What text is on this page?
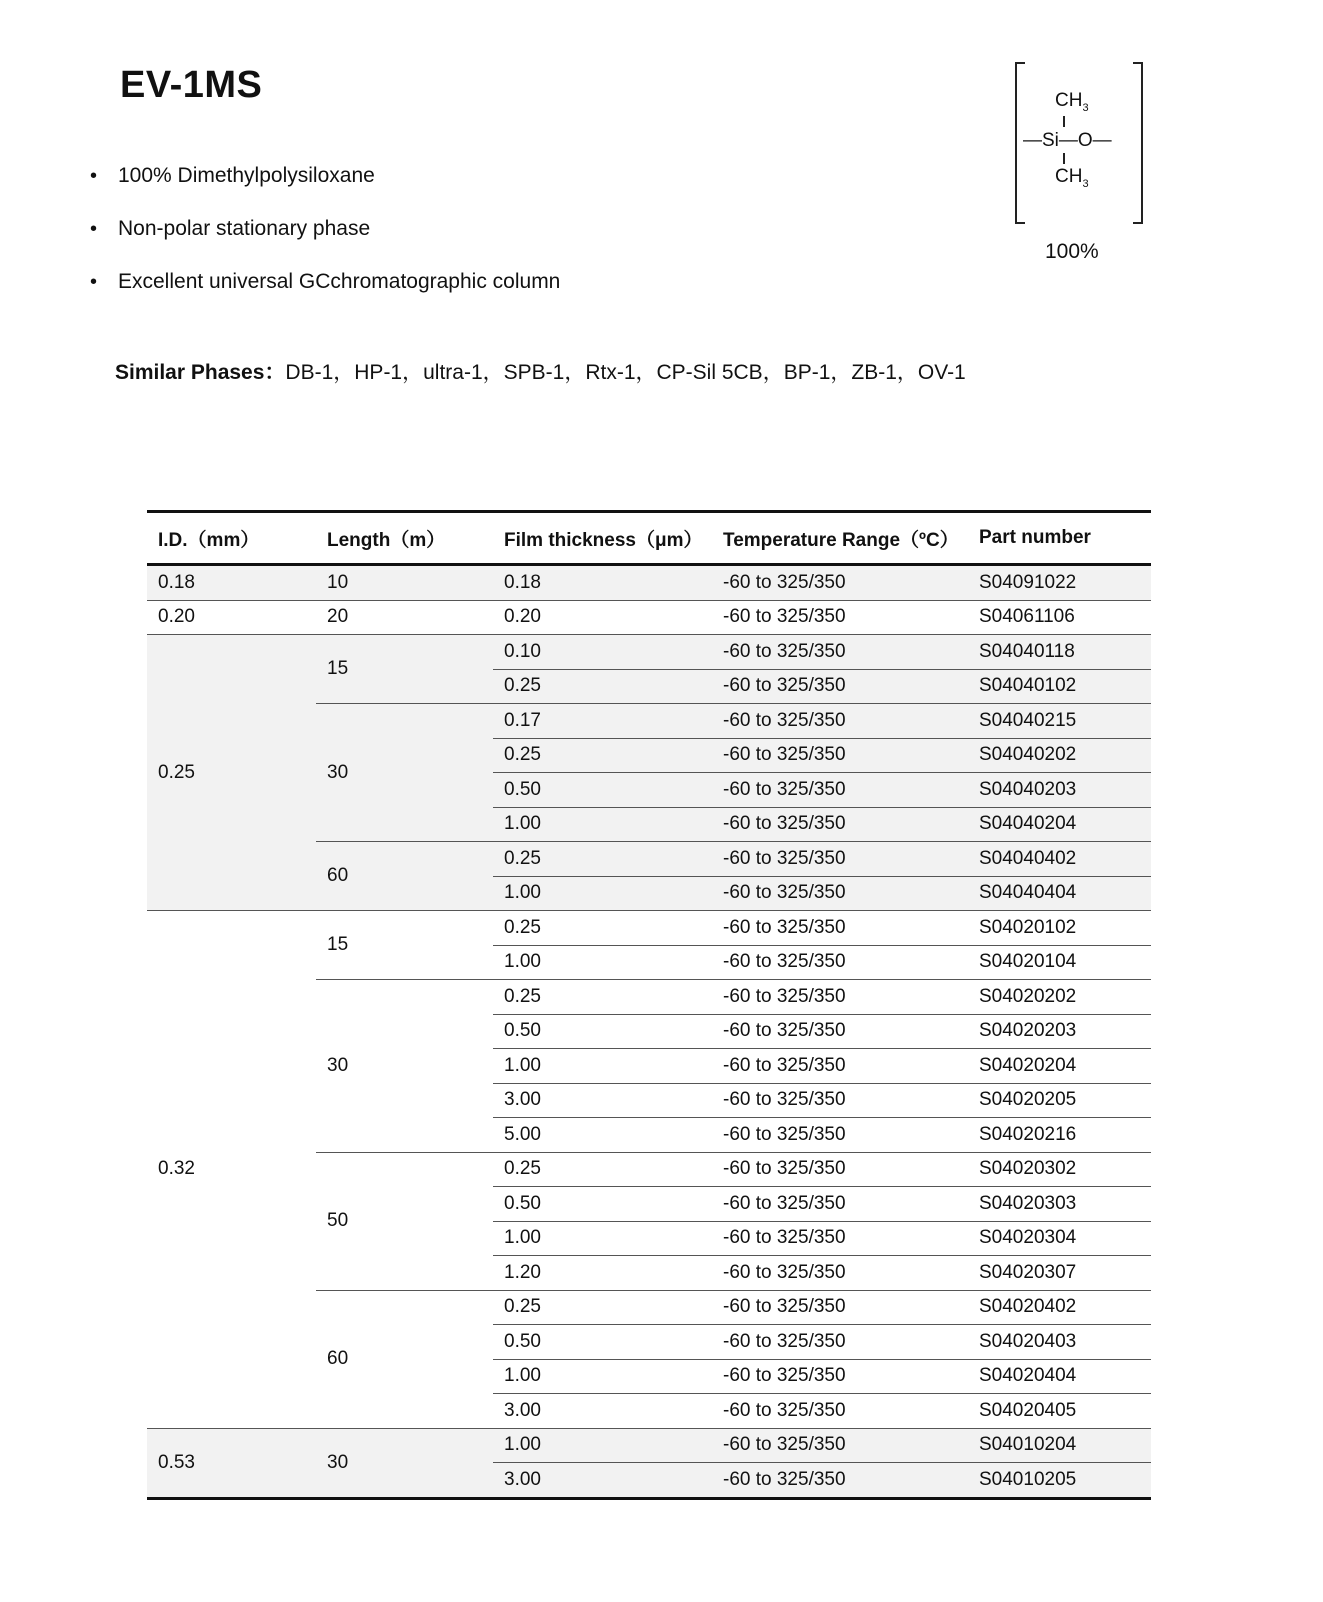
EV-1MS
• 100% Dimethylpolysiloxane
• Non-polar stationary phase
• Excellent universal GCchromatographic column
Similar Phases：DB-1，HP-1，ultra-1，SPB-1，Rtx-1，CP-Sil 5CB，BP-1，ZB-1，OV-1
$CH_3$
—Si—O—
$CH_3$
100%
I.D.（mm）	Length（m）	Film thickness（μm）	Temperature Range（ºC）	Part number
0.18	10	0.18	-60 to 325/350	S04091022
0.20	20	0.20	-60 to 325/350	S04061106
0.25	15	0.10	-60 to 325/350	S04040118
		0.25	-60 to 325/350	S04040102
	30	0.17	-60 to 325/350	S04040215
		0.25	-60 to 325/350	S04040202
		0.50	-60 to 325/350	S04040203
		1.00	-60 to 325/350	S04040204
	60	0.25	-60 to 325/350	S04040402
		1.00	-60 to 325/350	S04040404
0.32	15	0.25	-60 to 325/350	S04020102
		1.00	-60 to 325/350	S04020104
	30	0.25	-60 to 325/350	S04020202
		0.50	-60 to 325/350	S04020203
		1.00	-60 to 325/350	S04020204
		3.00	-60 to 325/350	S04020205
		5.00	-60 to 325/350	S04020216
	50	0.25	-60 to 325/350	S04020302
		0.50	-60 to 325/350	S04020303
		1.00	-60 to 325/350	S04020304
		1.20	-60 to 325/350	S04020307
	60	0.25	-60 to 325/350	S04020402
		0.50	-60 to 325/350	S04020403
		1.00	-60 to 325/350	S04020404
		3.00	-60 to 325/350	S04020405
0.53	30	1.00	-60 to 325/350	S04010204
		3.00	-60 to 325/350	S04010205
